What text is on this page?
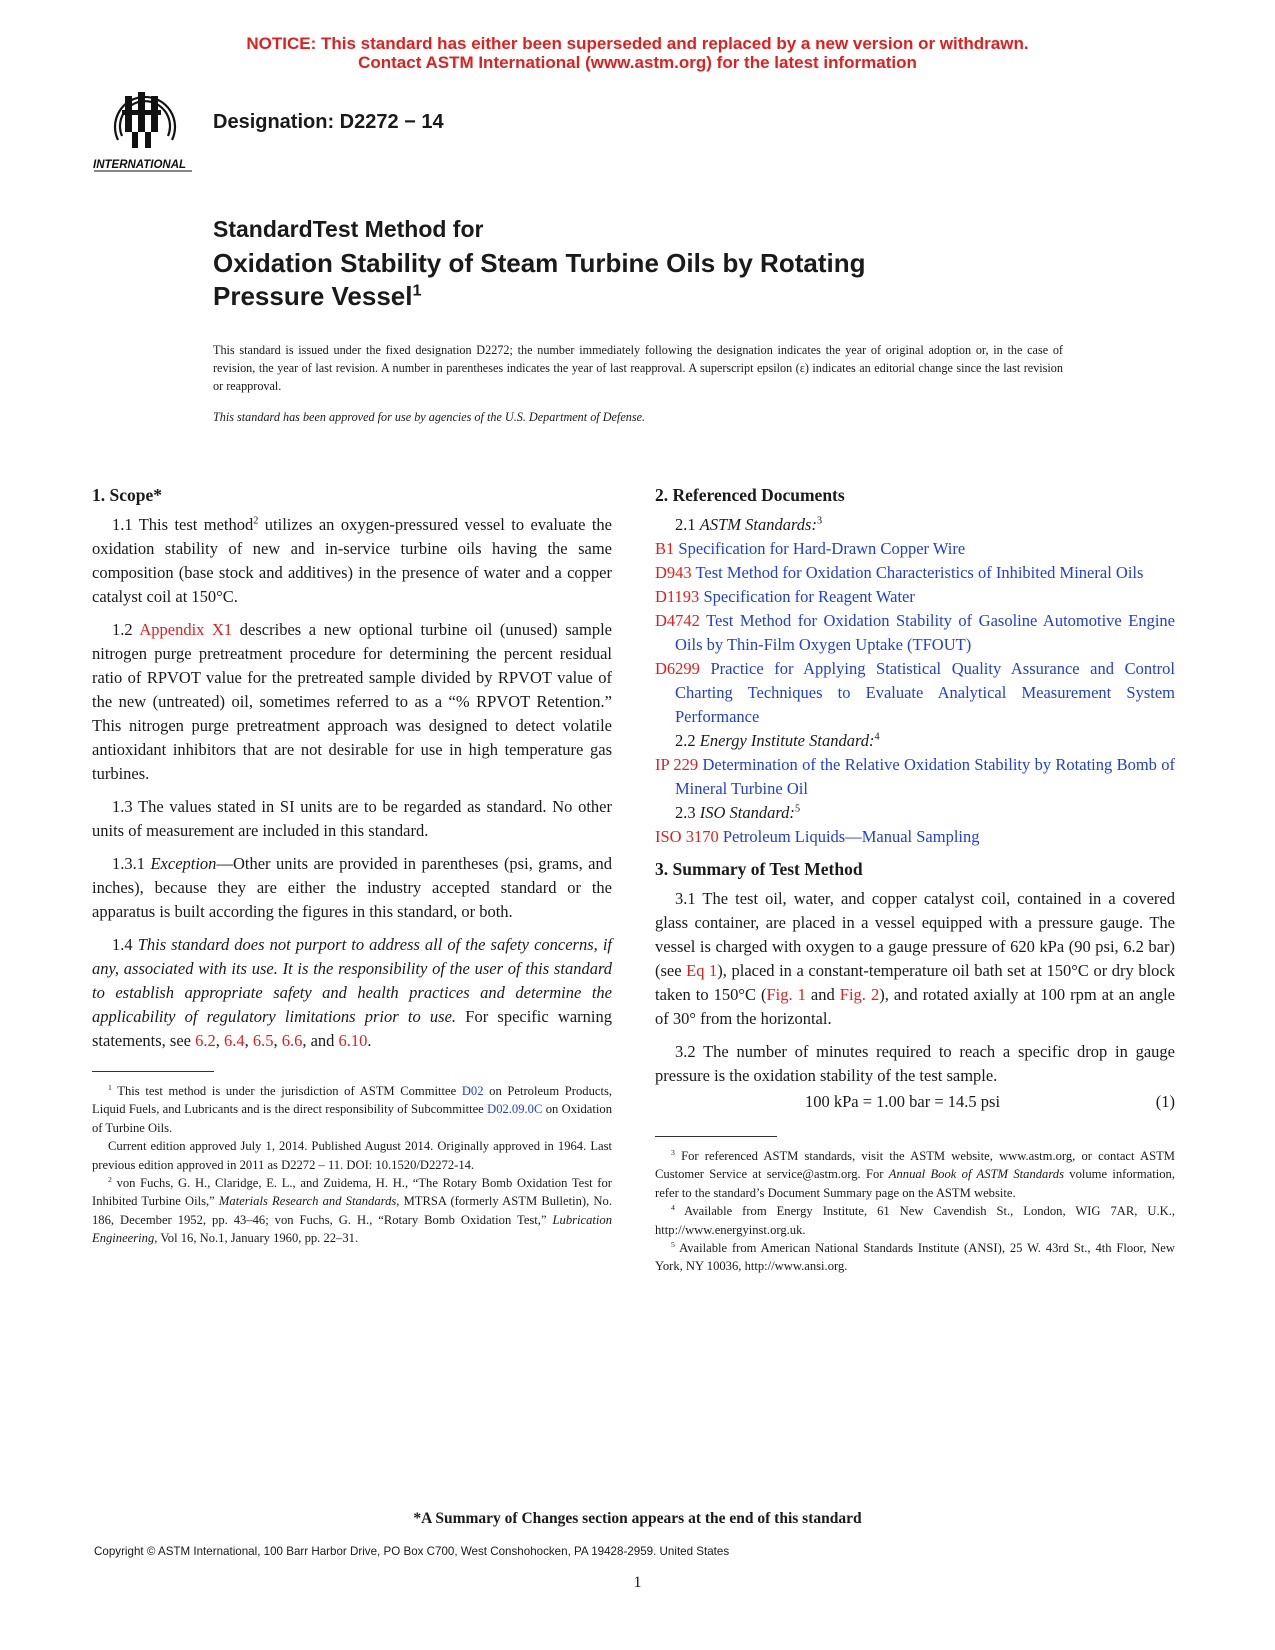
NOTICE: This standard has either been superseded and replaced by a new version or withdrawn.
Contact ASTM International (www.astm.org) for the latest information
INTERNATIONAL
Designation: D2272 − 14
StandardTest Method for
Oxidation Stability of Steam Turbine Oils by Rotating
Pressure Vessel$^1$
This standard is issued under the fixed designation D2272; the number immediately following the designation indicates the year of original adoption or, in the case of revision, the year of last revision. A number in parentheses indicates the year of last reapproval. A superscript epsilon (ε) indicates an editorial change since the last revision or reapproval.
This standard has been approved for use by agencies of the U.S. Department of Defense.
1. Scope*

1.1 This test method$^2$ utilizes an oxygen-pressured vessel to evaluate the oxidation stability of new and in-service turbine oils having the same composition (base stock and additives) in the presence of water and a copper catalyst coil at 150°C.

1.2 Appendix X1 describes a new optional turbine oil (unused) sample nitrogen purge pretreatment procedure for determining the percent residual ratio of RPVOT value for the pretreated sample divided by RPVOT value of the new (untreated) oil, sometimes referred to as a “% RPVOT Retention.” This nitrogen purge pretreatment approach was designed to detect volatile antioxidant inhibitors that are not desirable for use in high temperature gas turbines.

1.3 The values stated in SI units are to be regarded as standard. No other units of measurement are included in this standard.

1.3.1 Exception—Other units are provided in parentheses (psi, grams, and inches), because they are either the industry accepted standard or the apparatus is built according the figures in this standard, or both.

1.4 This standard does not purport to address all of the safety concerns, if any, associated with its use. It is the responsibility of the user of this standard to establish appropriate safety and health practices and determine the applicability of regulatory limitations prior to use. For specific warning statements, see 6.2, 6.4, 6.5, 6.6, and 6.10.

$^1$ This test method is under the jurisdiction of ASTM Committee D02 on Petroleum Products, Liquid Fuels, and Lubricants and is the direct responsibility of Subcommittee D02.09.0C on Oxidation of Turbine Oils.

Current edition approved July 1, 2014. Published August 2014. Originally approved in 1964. Last previous edition approved in 2011 as D2272 – 11. DOI: 10.1520/D2272-14.

$^2$ von Fuchs, G. H., Claridge, E. L., and Zuidema, H. H., “The Rotary Bomb Oxidation Test for Inhibited Turbine Oils,” Materials Research and Standards, MTRSA (formerly ASTM Bulletin), No. 186, December 1952, pp. 43–46; von Fuchs, G. H., “Rotary Bomb Oxidation Test,” Lubrication Engineering, Vol 16, No.1, January 1960, pp. 22–31.

2. Referenced Documents

2.1 ASTM Standards:$^3$

B1 Specification for Hard-Drawn Copper Wire

D943 Test Method for Oxidation Characteristics of Inhibited Mineral Oils

D1193 Specification for Reagent Water

D4742 Test Method for Oxidation Stability of Gasoline Automotive Engine Oils by Thin-Film Oxygen Uptake (TFOUT)

D6299 Practice for Applying Statistical Quality Assurance and Control Charting Techniques to Evaluate Analytical Measurement System Performance

2.2 Energy Institute Standard:$^4$

IP 229 Determination of the Relative Oxidation Stability by Rotating Bomb of Mineral Turbine Oil

2.3 ISO Standard:$^5$

ISO 3170 Petroleum Liquids—Manual Sampling

3. Summary of Test Method

3.1 The test oil, water, and copper catalyst coil, contained in a covered glass container, are placed in a vessel equipped with a pressure gauge. The vessel is charged with oxygen to a gauge pressure of 620 kPa (90 psi, 6.2 bar) (see Eq 1), placed in a constant-temperature oil bath set at 150°C or dry block taken to 150°C (Fig. 1 and Fig. 2), and rotated axially at 100 rpm at an angle of 30° from the horizontal.

3.2 The number of minutes required to reach a specific drop in gauge pressure is the oxidation stability of the test sample.

100 kPa = 1.00 bar = 14.5 psi	(1)

$^3$ For referenced ASTM standards, visit the ASTM website, www.astm.org, or contact ASTM Customer Service at service@astm.org. For Annual Book of ASTM Standards volume information, refer to the standard’s Document Summary page on the ASTM website.

$^4$ Available from Energy Institute, 61 New Cavendish St., London, WIG 7AR, U.K., http://www.energyinst.org.uk.

$^5$ Available from American National Standards Institute (ANSI), 25 W. 43rd St., 4th Floor, New York, NY 10036, http://www.ansi.org.

*A Summary of Changes section appears at the end of this standard
Copyright © ASTM International, 100 Barr Harbor Drive, PO Box C700, West Conshohocken, PA 19428-2959. United States
1
